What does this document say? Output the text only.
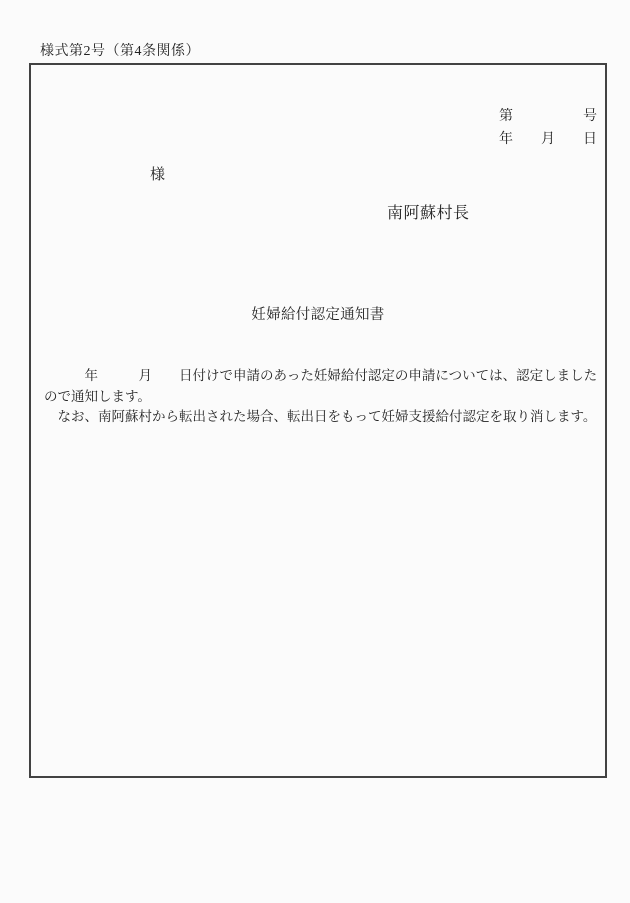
様式第2号（第4条関係）
第　　　　　号
年　　月　　日
様
南阿蘇村長
妊婦給付認定通知書
　　　年　　　月　　日付けで申請のあった妊婦給付認定の申請については、認定しました
ので通知します。
　なお、南阿蘇村から転出された場合、転出日をもって妊婦支援給付認定を取り消します。
